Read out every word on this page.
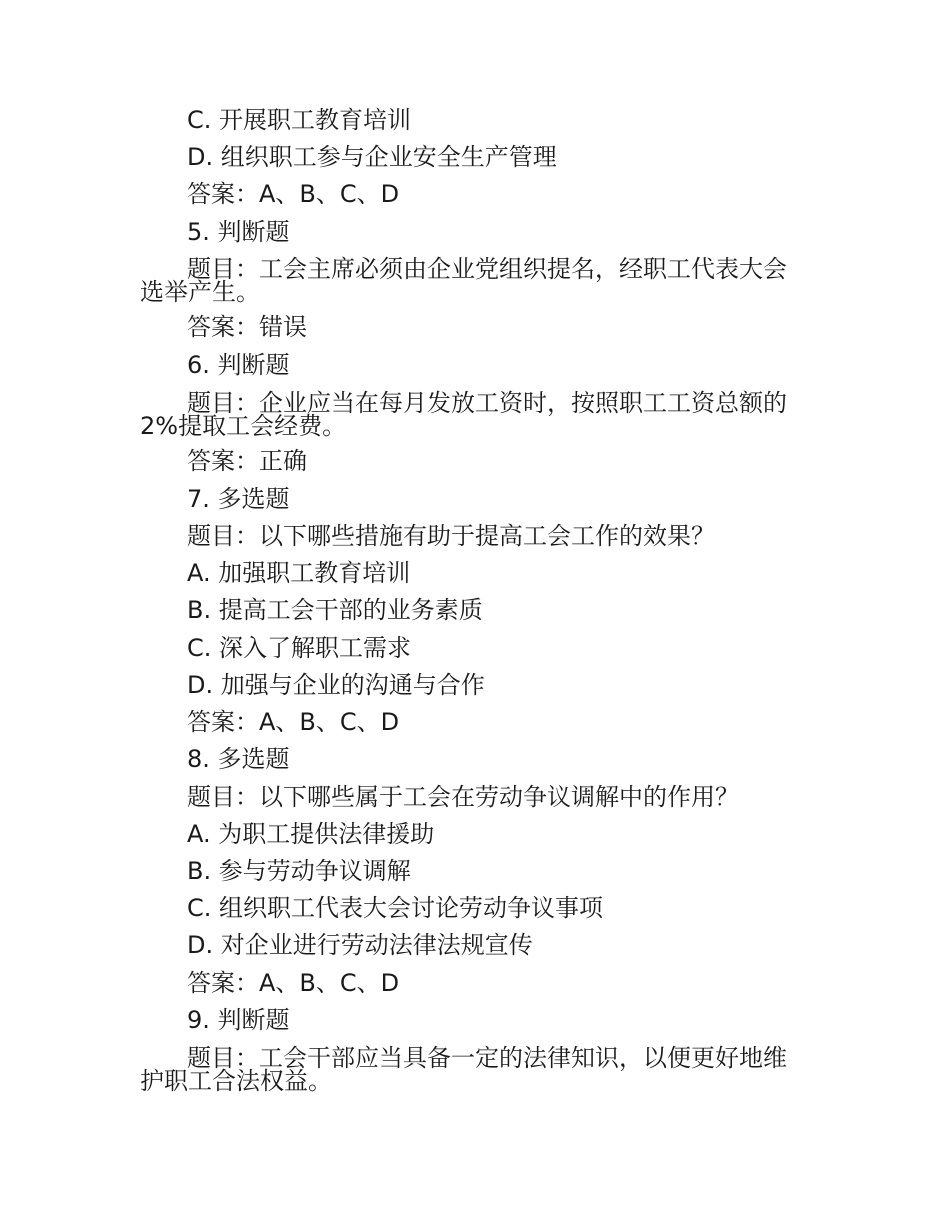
C. 开展职工教育培训
D. 组织职工参与企业安全生产管理
答案：A、B、C、D
5. 判断题
题目：工会主席必须由企业党组织提名，经职工代表大会
选举产生。
答案：错误
6. 判断题
题目：企业应当在每月发放工资时，按照职工工资总额的
2%提取工会经费。
答案：正确
7. 多选题
题目：以下哪些措施有助于提高工会工作的效果？
A. 加强职工教育培训
B. 提高工会干部的业务素质
C. 深入了解职工需求
D. 加强与企业的沟通与合作
答案：A、B、C、D
8. 多选题
题目：以下哪些属于工会在劳动争议调解中的作用？
A. 为职工提供法律援助
B. 参与劳动争议调解
C. 组织职工代表大会讨论劳动争议事项
D. 对企业进行劳动法律法规宣传
答案：A、B、C、D
9. 判断题
题目：工会干部应当具备一定的法律知识，以便更好地维
护职工合法权益。
